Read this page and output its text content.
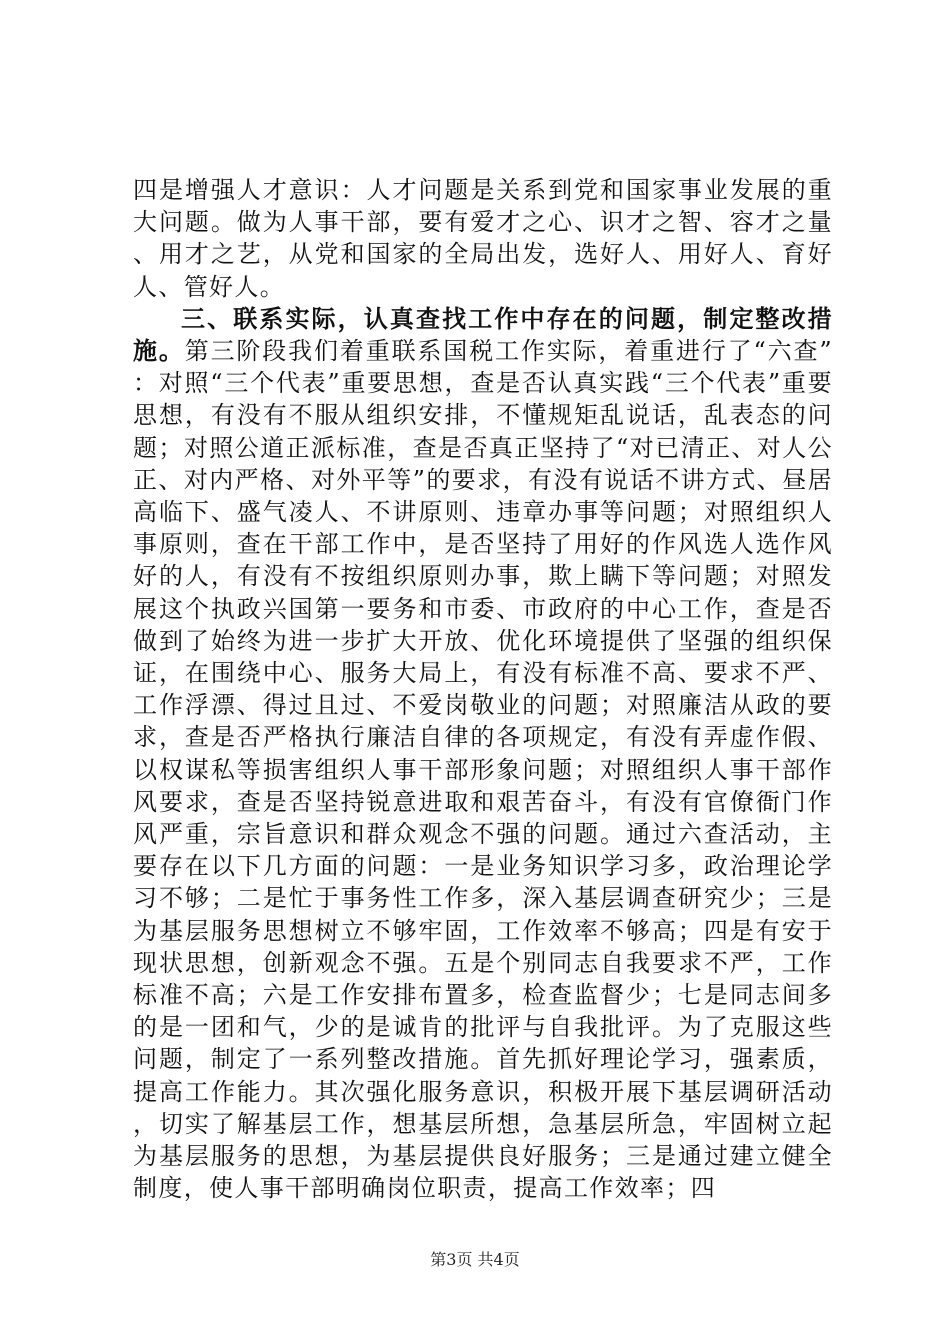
四是增强人才意识：人才问题是关系到党和国家事业发展的重大问题。做为人事干部，要有爱才之心、识才之智、容才之量、用才之艺，从党和国家的全局出发，选好人、用好人、育好人、管好人。

三、联系实际，认真查找工作中存在的问题，制定整改措施。第三阶段我们着重联系国税工作实际，着重进行了“六查”：对照“三个代表”重要思想，查是否认真实践“三个代表”重要思想，有没有不服从组织安排，不懂规矩乱说话，乱表态的问题；对照公道正派标准，查是否真正坚持了“对已清正、对人公正、对内严格、对外平等”的要求，有没有说话不讲方式、昼居高临下、盛气凌人、不讲原则、违章办事等问题；对照组织人事原则，查在干部工作中，是否坚持了用好的作风选人选作风好的人，有没有不按组织原则办事，欺上瞒下等问题；对照发展这个执政兴国第一要务和市委、市政府的中心工作，查是否做到了始终为进一步扩大开放、优化环境提供了坚强的组织保证，在围绕中心、服务大局上，有没有标准不高、要求不严、工作浮漂、得过且过、不爱岗敬业的问题；对照廉洁从政的要求，查是否严格执行廉洁自律的各项规定，有没有弄虚作假、以权谋私等损害组织人事干部形象问题；对照组织人事干部作风要求，查是否坚持锐意进取和艰苦奋斗，有没有官僚衙门作风严重，宗旨意识和群众观念不强的问题。通过六查活动，主要存在以下几方面的问题：一是业务知识学习多，政治理论学习不够；二是忙于事务性工作多，深入基层调查研究少；三是为基层服务思想树立不够牢固，工作效率不够高；四是有安于现状思想，创新观念不强。五是个别同志自我要求不严，工作标准不高；六是工作安排布置多，检查监督少；七是同志间多的是一团和气，少的是诚肯的批评与自我批评。为了克服这些问题，制定了一系列整改措施。首先抓好理论学习，强素质，提高工作能力。其次强化服务意识，积极开展下基层调研活动，切实了解基层工作，想基层所想，急基层所急，牢固树立起为基层服务的思想，为基层提供良好服务；三是通过建立健全制度，使人事干部明确岗位职责，提高工作效率；四

第3页 共4页
